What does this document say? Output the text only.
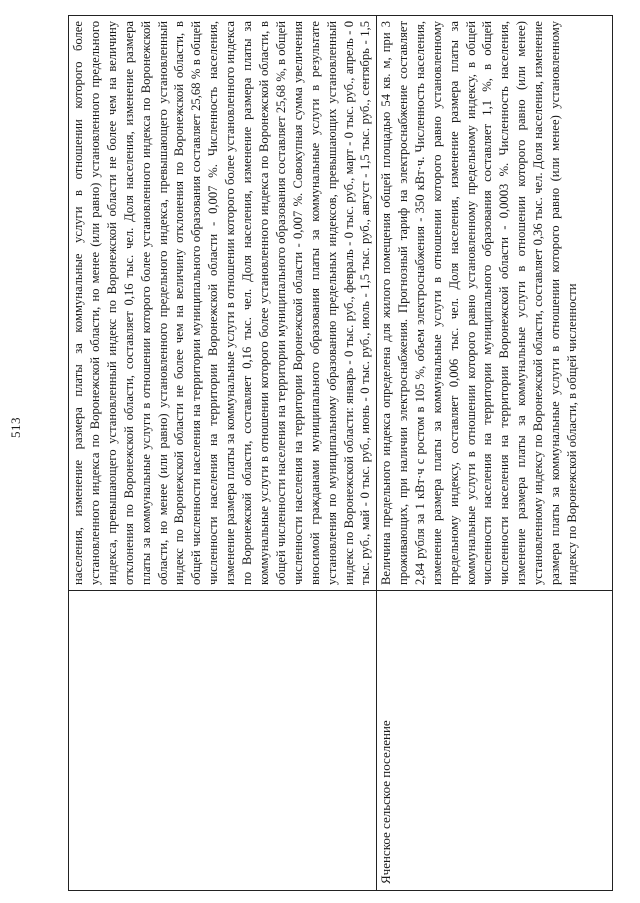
513
населения, изменение размера платы за коммунальные услуги в отношении которого более установленного индекса по Воронежской области, но менее (или равно) установленного предельного индекса, превышающего установленный индекс по Воронежской области не более чем на величину отклонения по Воронежской области, составляет 0,16 тыс. чел. Доля населения, изменение размера платы за коммунальные услуги в отношении которого более установленного индекса по Воронежской области, но менее (или равно) установленного предельного индекса, превышающего установленный индекс по Воронежской области не более чем на величину отклонения по Воронежской области, в общей численности населения на территории муниципального образования составляет 25,68 % в общей численности населения на территории Воронежской области - 0,007 %. Численность населения, изменение размера платы за коммунальные услуги в отношении которого более установленного индекса по Воронежской области, составляет 0,16 тыс. чел. Доля населения, изменение размера платы за коммунальные услуги в отношении которого более установленного индекса по Воронежской области, в общей численности населения на территории муниципального образования составляет 25,68 %, в общей численности населения на территории Воронежской области - 0,007 %. Совокупная сумма увеличения вносимой гражданами муниципального образования платы за коммунальные услуги в результате установления по муниципальному образованию предельных индексов, превышающих установленный индекс по Воронежской области: январь - 0 тыс. руб., февраль - 0 тыс. руб., март - 0 тыс. руб., апрель - 0 тыс. руб., май - 0 тыс. руб., июнь - 0 тыс. руб., июль - 1,5 тыс. руб., август - 1,5 тыс. руб., сентябрь - 1,5
Яченское сельское поселение
Величина предельного индекса определена для жилого помещения общей площадью 54 кв. м, при 3 проживающих, при наличии электроснабжения. Прогнозный тариф на электроснабжение составляет 2,84 рубля за 1 кВт·ч с ростом в 105 %, объем электроснабжения - 350 кВт·ч. Численность населения, изменение размера платы за коммунальные услуги в отношении которого равно установленному предельному индексу, составляет 0,006 тыс. чел. Доля населения, изменение размера платы за коммунальные услуги в отношении которого равно установленному предельному индексу, в общей численности населения на территории муниципального образования составляет 1,1 %, в общей численности населения на территории Воронежской области - 0,0003 %. Численность населения, изменение размера платы за коммунальные услуги в отношении которого равно (или менее) установленному индексу по Воронежской области, составляет 0,36 тыс. чел. Доля населения, изменение размера платы за коммунальные услуги в отношении которого равно (или менее) установленному индексу по Воронежской области, в общей численности
